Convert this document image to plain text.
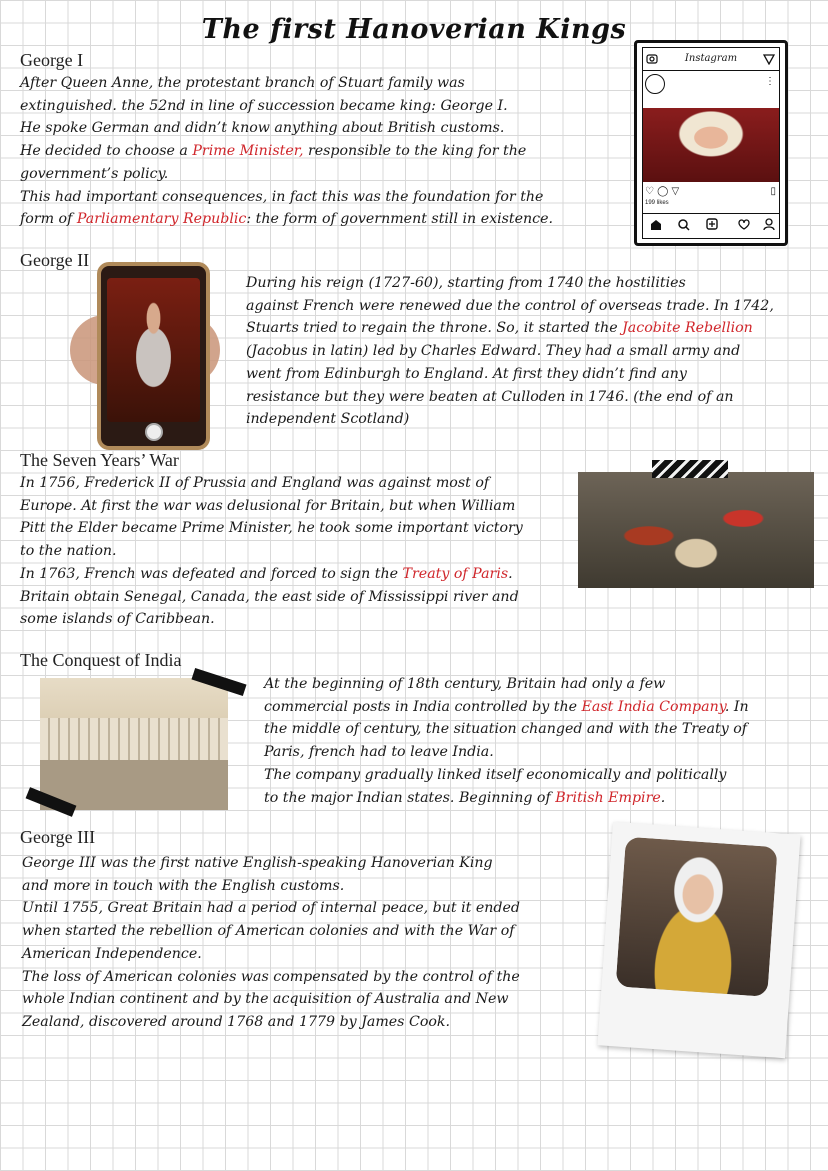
The first Hanoverian Kings
George I
After Queen Anne, the protestant branch of Stuart family was
extinguished. the 52nd in line of succession became king: George I.
He spoke German and didn’t know anything about British customs.
He decided to choose a Prime Minister, responsible to the king for the
government’s policy.
This had important consequences, in fact this was the foundation for the
form of Parliamentary Republic: the form of government still in existence.
Instagram
⋮
♡ ◯ ▽	▯
199 likes
George II
During his reign (1727-60), starting from 1740 the hostilities
against French were renewed due the control of overseas trade. In 1742,
Stuarts tried to regain the throne. So, it started the Jacobite Rebellion
(Jacobus in latin) led by Charles Edward. They had a small army and
went from Edinburgh to England. At first they didn’t find any
resistance but they were beaten at Culloden in 1746. (the end of an
independent Scotland)
The Seven Years’ War
In 1756, Frederick II of Prussia and England was against most of
Europe. At first the war was delusional for Britain, but when William
Pitt the Elder became Prime Minister, he took some important victory
to the nation.
In 1763, French was defeated and forced to sign the Treaty of Paris.
Britain obtain Senegal, Canada, the east side of Mississippi river and
some islands of Caribbean.
The Conquest of India
At the beginning of 18th century, Britain had only a few
commercial posts in India controlled by the East India Company. In
the middle of century, the situation changed and with the Treaty of
Paris, french had to leave India.
The company gradually linked itself economically and politically
to the major Indian states. Beginning of British Empire.
George III
George III was the first native English-speaking Hanoverian King
and more in touch with the English customs.
Until 1755, Great Britain had a period of internal peace, but it ended
when started the rebellion of American colonies and with the War of
American Independence.
The loss of American colonies was compensated by the control of the
whole Indian continent and by the acquisition of Australia and New
Zealand, discovered around 1768 and 1779 by James Cook.
